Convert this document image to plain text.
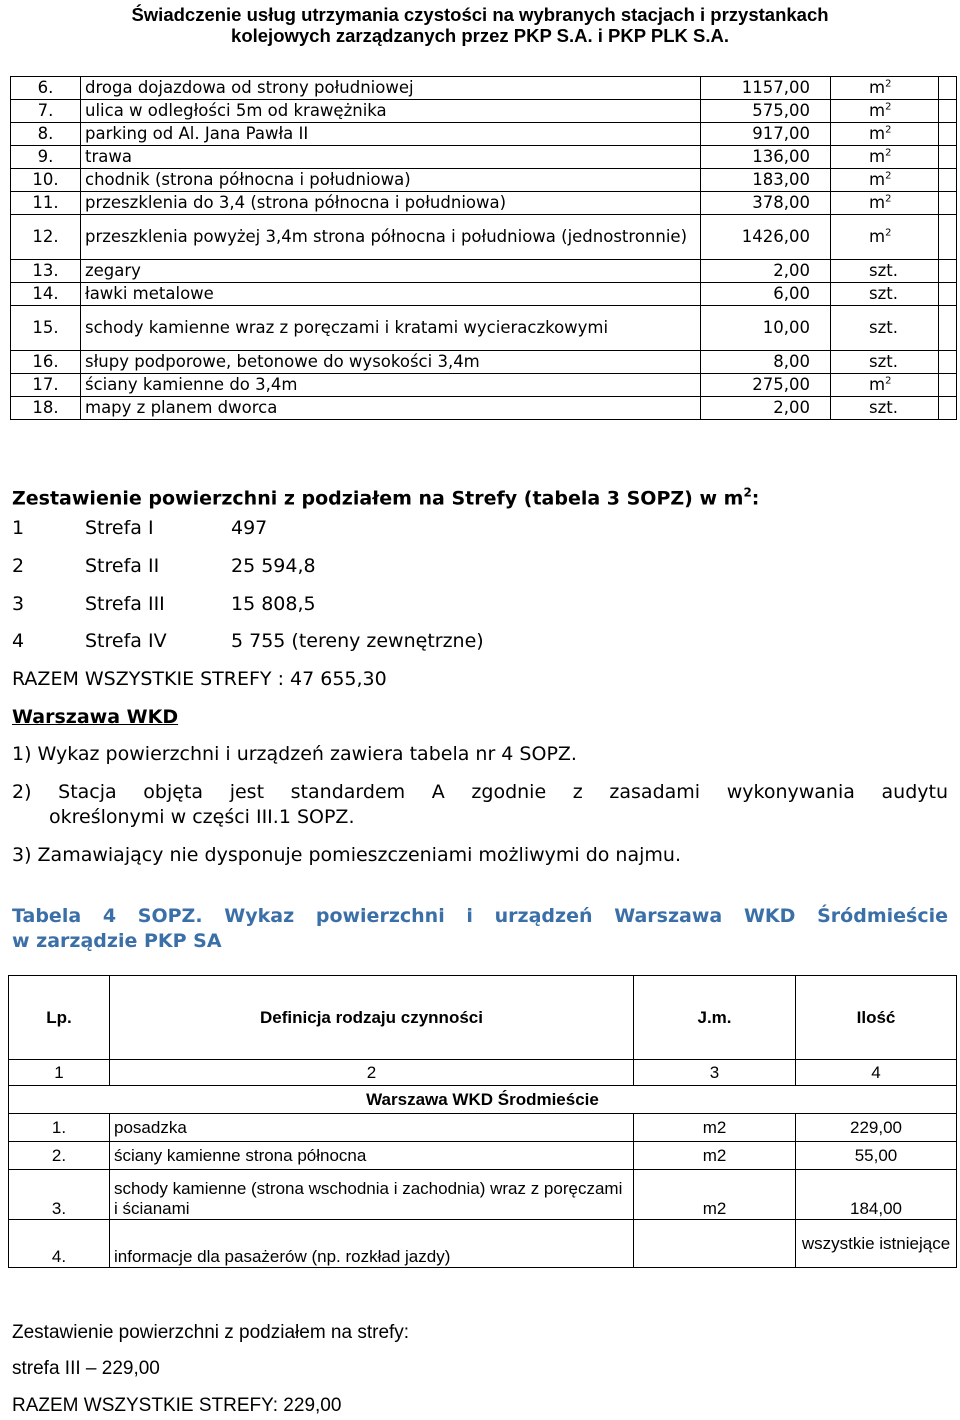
Świadczenie usług utrzymania czystości na wybranych stacjach i przystankach
kolejowych zarządzanych przez PKP S.A. i PKP PLK S.A.
6.	droga dojazdowa od strony południowej	1157,00	$m^2$	
7.	ulica w odległości 5m od krawężnika	575,00	$m^2$	
8.	parking od Al. Jana Pawła II	917,00	$m^2$	
9.	trawa	136,00	$m^2$	
10.	chodnik (strona północna i południowa)	183,00	$m^2$	
11.	przeszklenia do 3,4 (strona północna i południowa)	378,00	$m^2$	
12.	przeszklenia powyżej 3,4m strona północna i południowa (jednostronnie)	1426,00	$m^2$	
13.	zegary	2,00	szt.	
14.	ławki metalowe	6,00	szt.	
15.	schody kamienne wraz z poręczami i kratami wycieraczkowymi	10,00	szt.	
16.	słupy podporowe, betonowe do wysokości 3,4m	8,00	szt.	
17.	ściany kamienne do 3,4m	275,00	$m^2$	
18.	mapy z planem dworca	2,00	szt.	
Zestawienie powierzchni z podziałem na Strefy (tabela 3 SOPZ) w $m^2$:
1	Strefa I	497
2	Strefa II	25 594,8
3	Strefa III	15 808,5
4	Strefa IV	5 755 (tereny zewnętrzne)
RAZEM WSZYSTKIE STREFY : 47 655,30
Warszawa WKD
1) Wykaz powierzchni i urządzeń zawiera tabela nr 4 SOPZ.
2) Stacja objęta jest standardem A zgodnie z zasadami wykonywania audytu
określonymi w części III.1 SOPZ.
3) Zamawiający nie dysponuje pomieszczeniami możliwymi do najmu.
Tabela 4 SOPZ. Wykaz powierzchni i urządzeń Warszawa WKD Śródmieście
w zarządzie PKP SA
Lp.	Definicja rodzaju czynności	J.m.	Ilość
1	2	3	4
Warszawa WKD Środmieście			
1.	posadzka	m2	229,00
2.	ściany kamienne strona północna	m2	55,00
3.	schody kamienne (strona wschodnia i zachodnia) wraz z poręczami i ścianami	m2	184,00
4.	informacje dla pasażerów (np. rozkład jazdy)		wszystkie istniejące
Zestawienie powierzchni z podziałem na strefy:
strefa III – 229,00
RAZEM WSZYSTKIE STREFY: 229,00
